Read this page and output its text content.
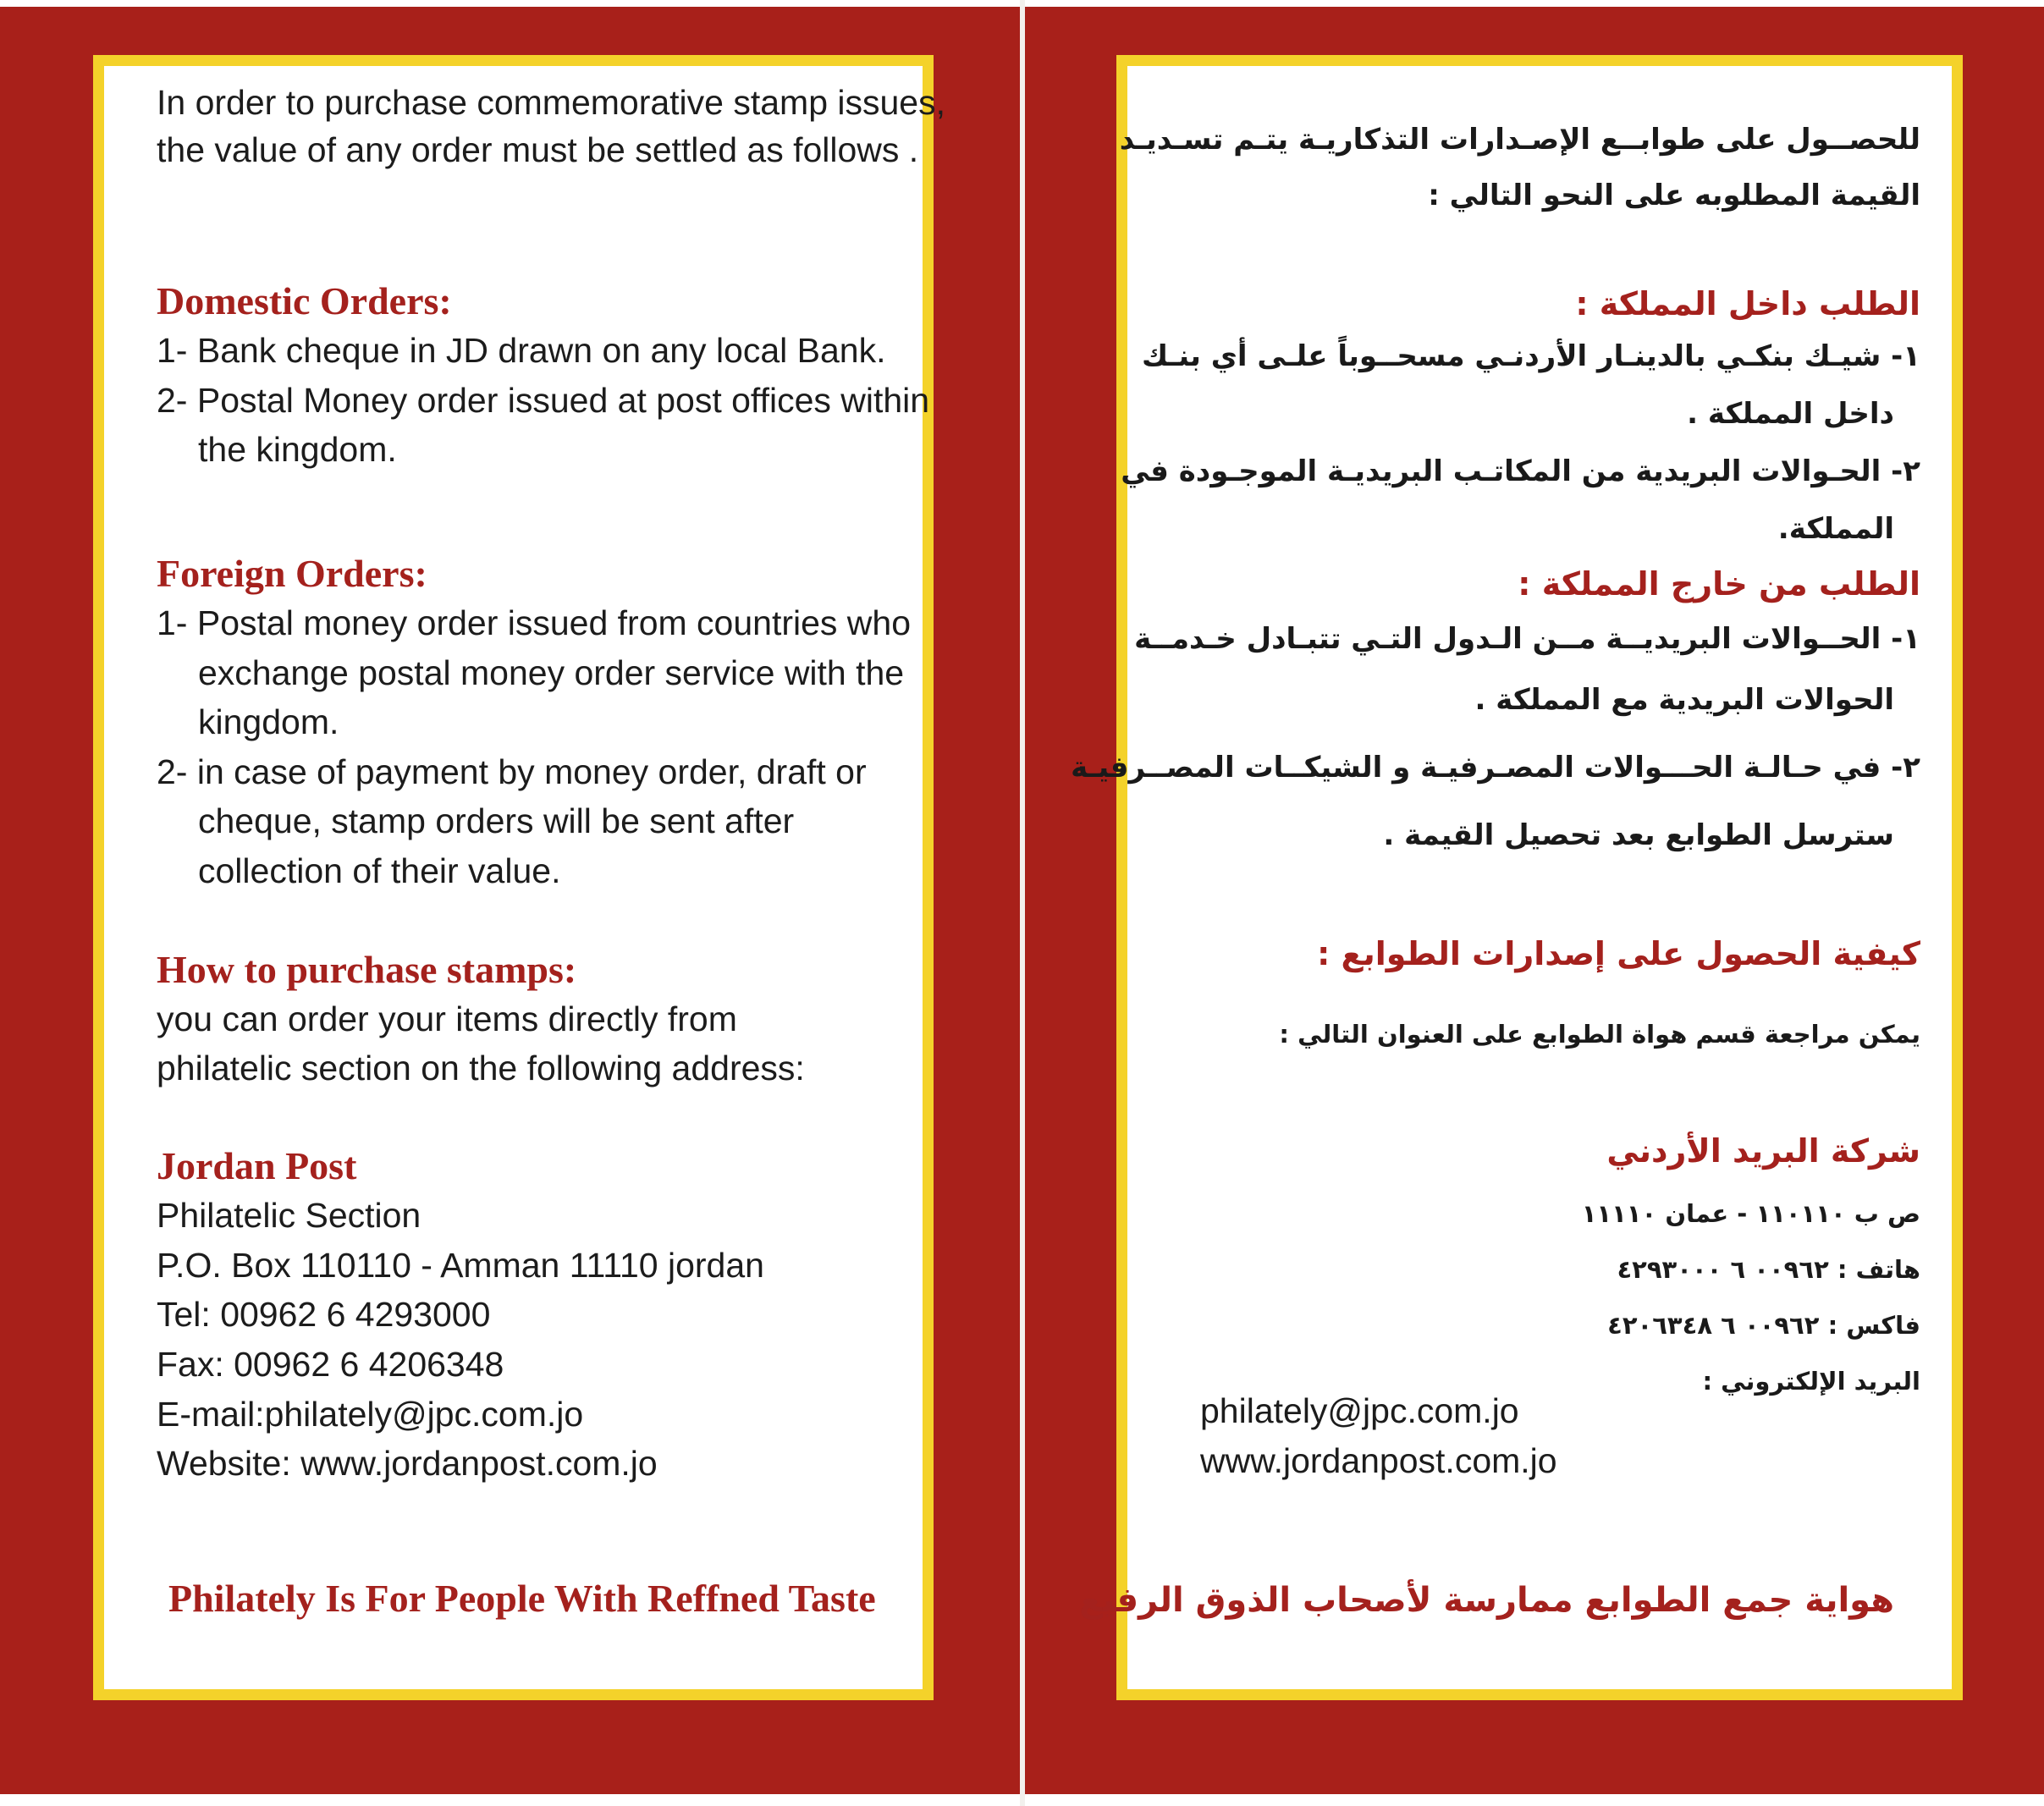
In order to purchase commemorative stamp issues,
the value of any order must be settled as follows .
Domestic Orders:
1- Bank cheque in JD drawn on any local Bank.
2- Postal Money order issued at post offices within
the kingdom.
Foreign Orders:
1- Postal money order issued from countries who
exchange postal money order service with the
kingdom.
2- in case of payment by money order, draft or
cheque, stamp orders will be sent after
collection of their value.
How to purchase stamps:
you can order your items directly from
philatelic section on the following address:
Jordan Post
Philatelic Section
P.O. Box 110110 - Amman 11110 jordan
Tel: 00962 6 4293000
Fax: 00962 6 4206348
E-mail:philately@jpc.com.jo
Website: www.jordanpost.com.jo
Philately Is For People With Reffned Taste
للحصــول على طوابــع الإصـدارات التذكاريـة يتـم تسـديـد
القيمة المطلوبه على النحو التالي :
الطلب داخل المملكة :
١- شيـك بنكـي بالدينـار الأردنـي مسحــوباً علـى أي بنـك
داخل المملكة .
٢- الحـوالات البريدية من المكاتـب البريديـة الموجـودة في
المملكة.
الطلب من خارج المملكة :
١- الحــوالات البريديــة مــن الـدول التـي تتبـادل خـدمــة
الحوالات البريدية مع المملكة .
٢- في حـالـة الحـــوالات المصـرفيـة و الشيكــات المصــرفيـة
سترسل الطوابع بعد تحصيل القيمة .
كيفية الحصول على إصدارات الطوابع :
يمكن مراجعة قسم هواة الطوابع على العنوان التالي :
شركة البريد الأردني
ص ب ١١٠١١٠ - عمان ١١١١٠
هاتف : ٠٠٩٦٢ ٦ ٤٢٩٣٠٠٠
فاكس : ٠٠٩٦٢ ٦ ٤٢٠٦٣٤٨
البريد الإلكتروني :
philately@jpc.com.jo
www.jordanpost.com.jo
هواية جمع الطوابع ممارسة لأصحاب الذوق الرفيع
